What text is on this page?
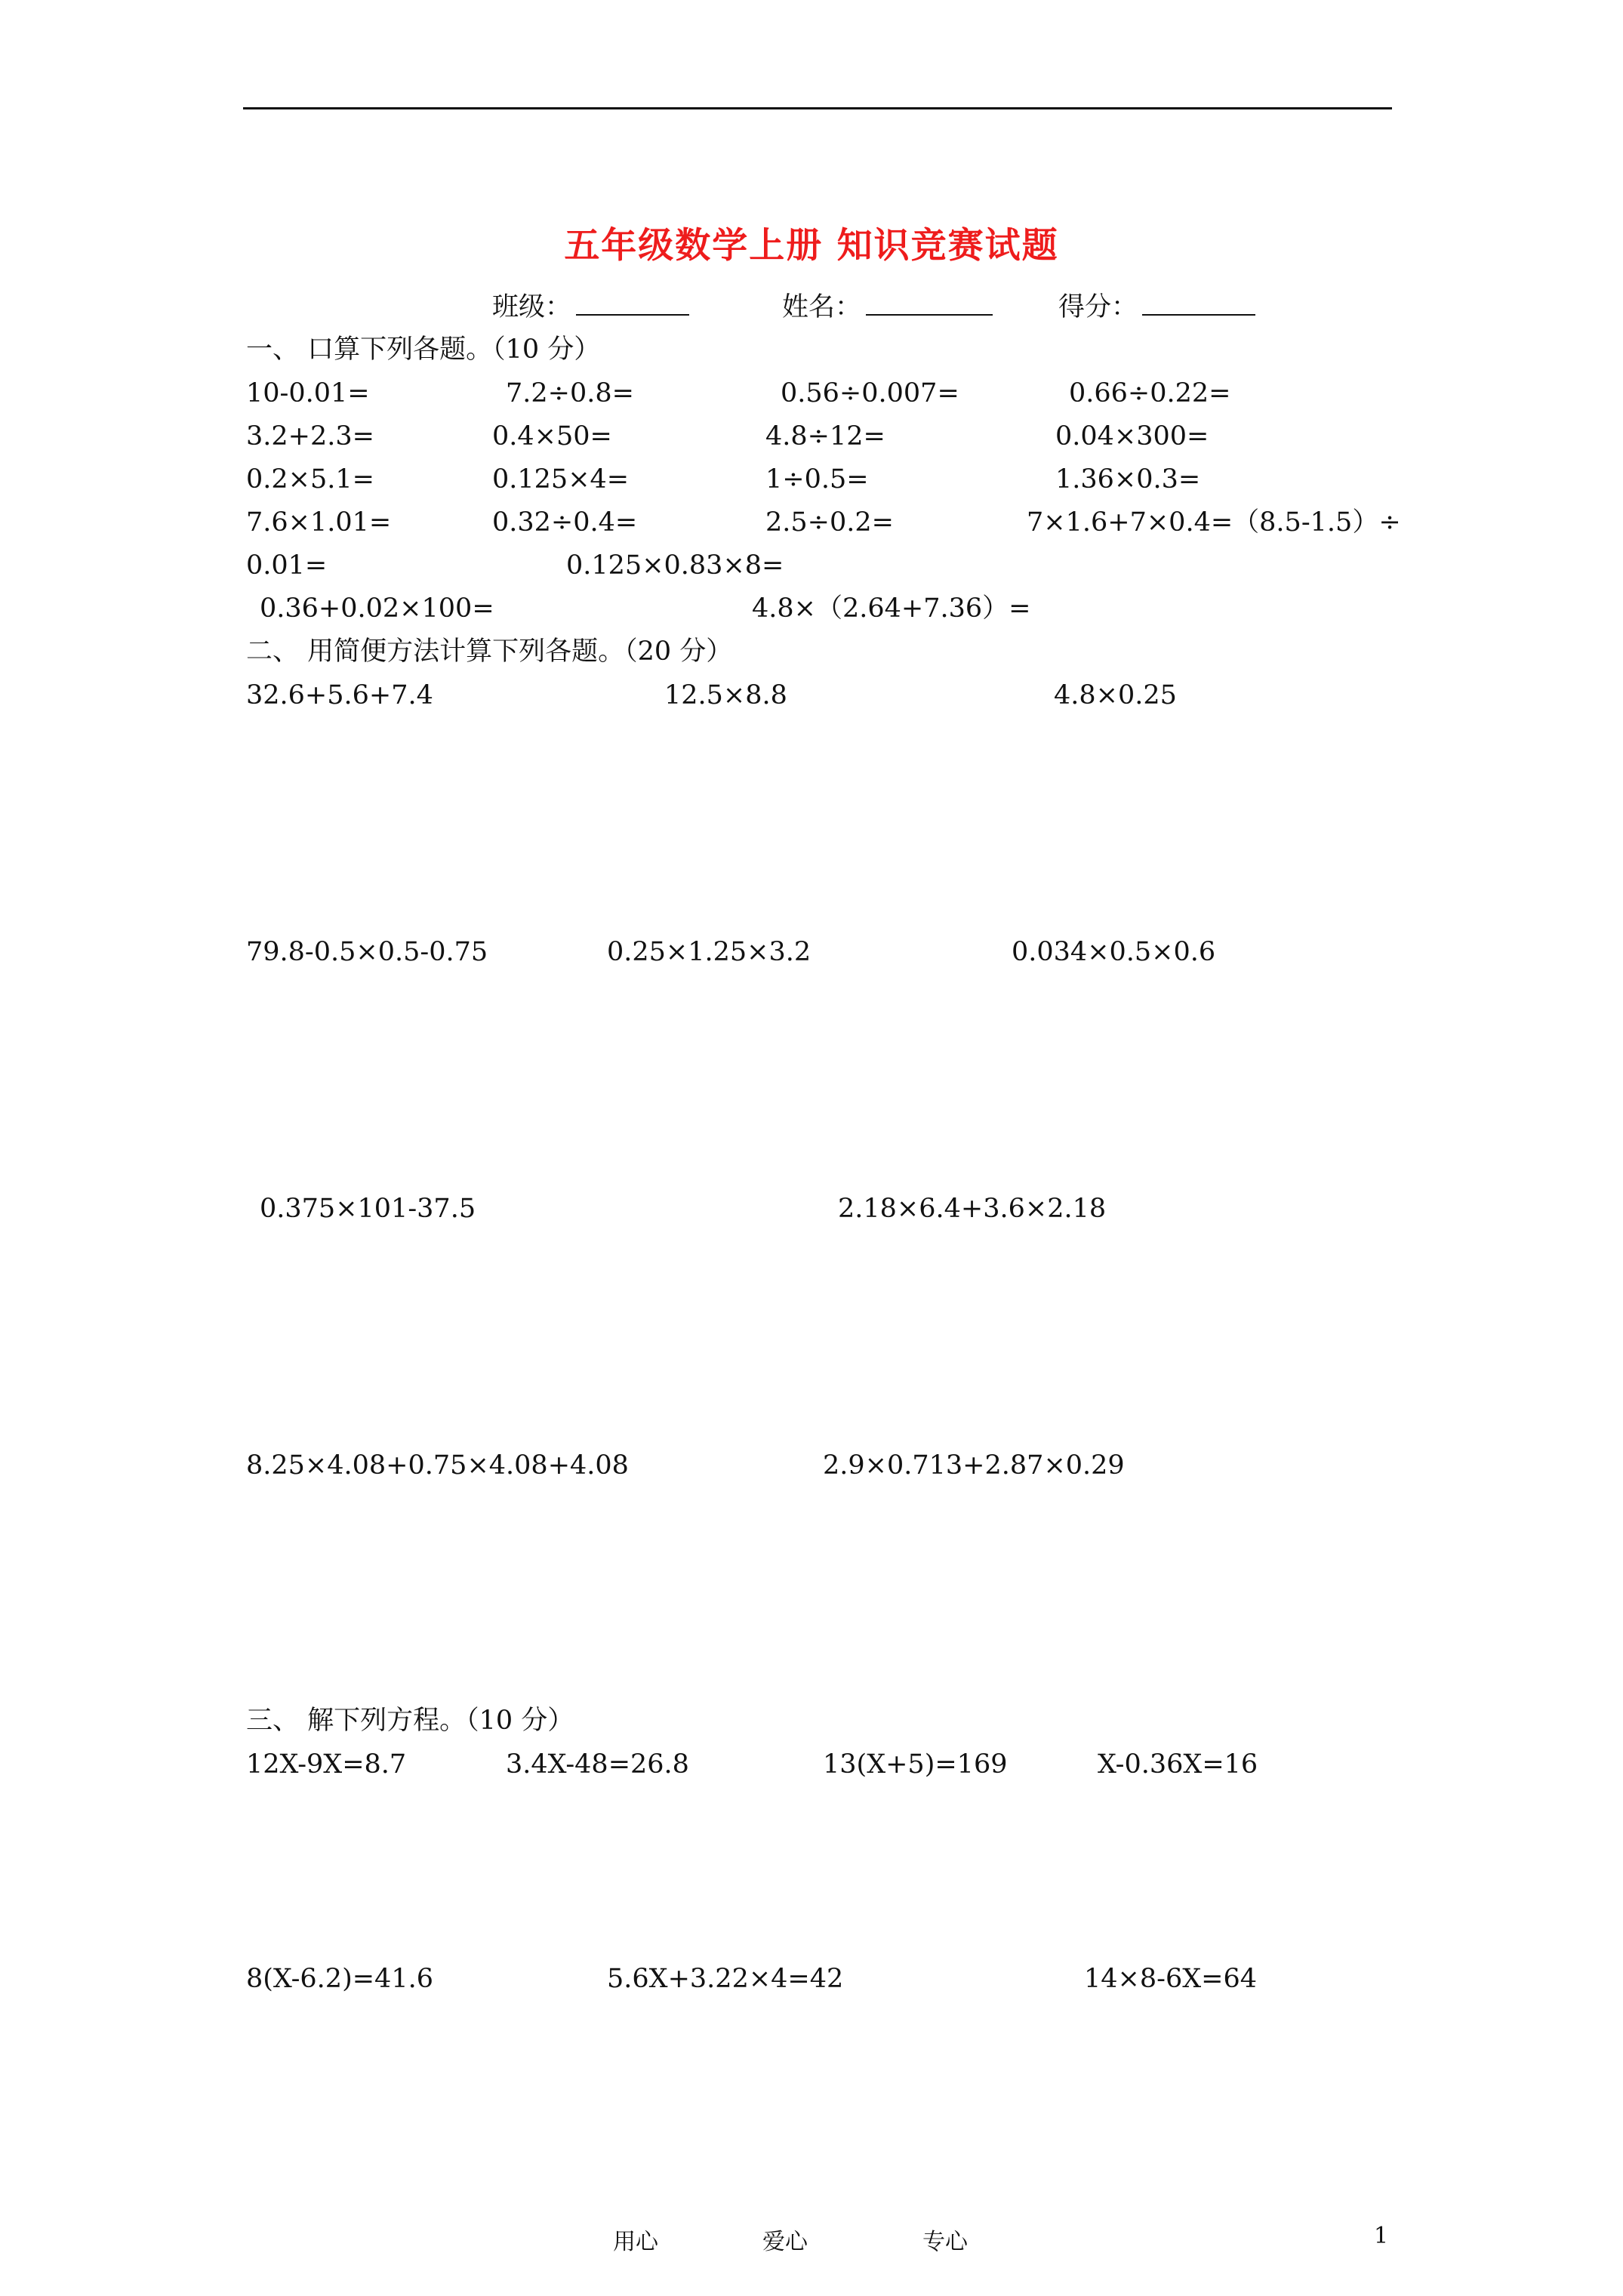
五年级数学上册 知识竞赛试题
班级：	姓名：	得分：
一、 口算下列各题。（10 分）
10-0.01=	7.2÷0.8=	0.56÷0.007=	0.66÷0.22=
3.2+2.3=	0.4×50=	4.8÷12=	0.04×300=
0.2×5.1=	0.125×4=	1÷0.5=	1.36×0.3=
7.6×1.01=	0.32÷0.4=	2.5÷0.2=	7×1.6+7×0.4=（8.5-1.5）÷
0.01=	0.125×0.83×8=
0.36+0.02×100=	4.8×（2.64+7.36）=
二、 用简便方法计算下列各题。（20 分）
32.6+5.6+7.4	12.5×8.8	4.8×0.25
79.8-0.5×0.5-0.75	0.25×1.25×3.2	0.034×0.5×0.6
0.375×101-37.5	2.18×6.4+3.6×2.18
8.25×4.08+0.75×4.08+4.08	2.9×0.713+2.87×0.29
三、 解下列方程。（10 分）
12X-9X=8.7	3.4X-48=26.8	13(X+5)=169	X-0.36X=16
8(X-6.2)=41.6	5.6X+3.22×4=42	14×8-6X=64
用心	爱心	专心	1
